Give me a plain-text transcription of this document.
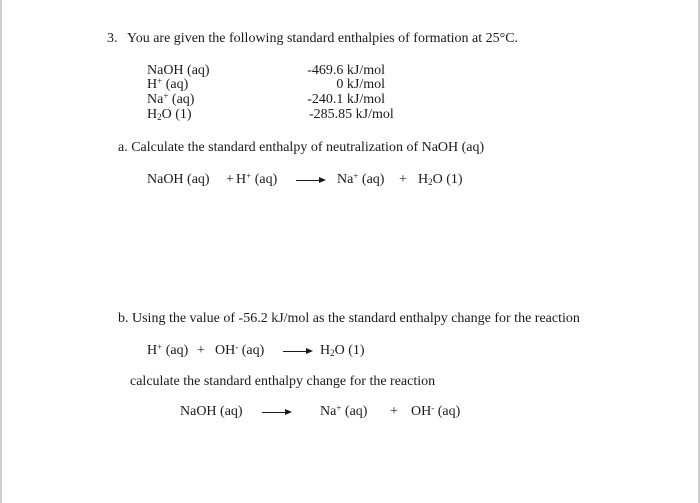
3. You are given the following standard enthalpies of formation at 25°C.
NaOH (aq)	-469.6 kJ/mol
H+ (aq)	0 kJ/mol
Na+ (aq)	-240.1 kJ/mol
$H_2O$ (1)	-285.85 kJ/mol
a. Calculate the standard enthalpy of neutralization of NaOH (aq)
NaOH (aq) + H+ (aq) → Na+ $(aq) + H_2O$ (1)
b. Using the value of -56.2 kJ/mol as the standard enthalpy change for the reaction
H+ (aq) + OH- $(aq) \to H_2O$ (1)
calculate the standard enthalpy change for the reaction
NaOH (aq) → Na+ (aq) + OH- (aq)
